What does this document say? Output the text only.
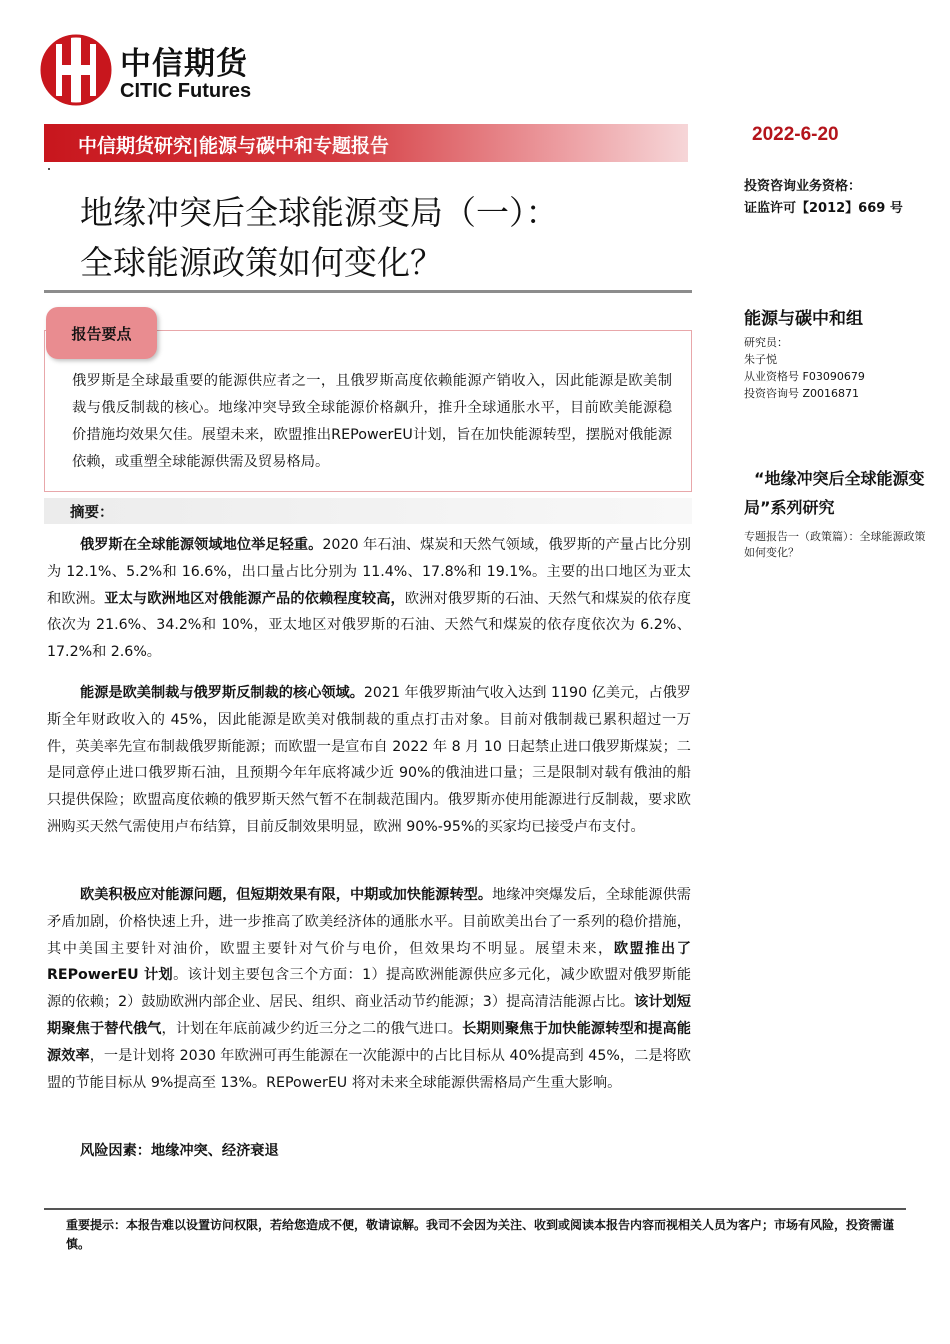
中信期货
CITIC Futures
中信期货研究|能源与碳中和专题报告
2022-6-20
地缘冲突后全球能源变局（一）：
全球能源政策如何变化？
投资咨询业务资格：
证监许可【2012】669 号
能源与碳中和组
研究员：
朱子悦
从业资格号 F03090679
投资咨询号 Z0016871
“地缘冲突后全球能源变局”系列研究
专题报告一（政策篇）：全球能源政策如何变化？
报告要点
俄罗斯是全球最重要的能源供应者之一，且俄罗斯高度依赖能源产销收入，因此能源是欧美制裁与俄反制裁的核心。地缘冲突导致全球能源价格飙升，推升全球通胀水平，目前欧美能源稳价措施均效果欠佳。展望未来，欧盟推出REPowerEU计划，旨在加快能源转型，摆脱对俄能源依赖，或重塑全球能源供需及贸易格局。
摘要：
俄罗斯在全球能源领域地位举足轻重。2020 年石油、煤炭和天然气领域，俄罗斯的产量占比分别为 12.1%、5.2%和 16.6%，出口量占比分别为 11.4%、17.8%和 19.1%。主要的出口地区为亚太和欧洲。亚太与欧洲地区对俄能源产品的依赖程度较高，欧洲对俄罗斯的石油、天然气和煤炭的依存度依次为 21.6%、34.2%和 10%，亚太地区对俄罗斯的石油、天然气和煤炭的依存度依次为 6.2%、17.2%和 2.6%。
能源是欧美制裁与俄罗斯反制裁的核心领域。2021 年俄罗斯油气收入达到 1190 亿美元，占俄罗斯全年财政收入的 45%，因此能源是欧美对俄制裁的重点打击对象。目前对俄制裁已累积超过一万件，英美率先宣布制裁俄罗斯能源；而欧盟一是宣布自 2022 年 8 月 10 日起禁止进口俄罗斯煤炭；二是同意停止进口俄罗斯石油，且预期今年年底将减少近 90%的俄油进口量；三是限制对载有俄油的船只提供保险；欧盟高度依赖的俄罗斯天然气暂不在制裁范围内。俄罗斯亦使用能源进行反制裁，要求欧洲购买天然气需使用卢布结算，目前反制效果明显，欧洲 90%-95%的买家均已接受卢布支付。
欧美积极应对能源问题，但短期效果有限，中期或加快能源转型。地缘冲突爆发后，全球能源供需矛盾加剧，价格快速上升，进一步推高了欧美经济体的通胀水平。目前欧美出台了一系列的稳价措施，其中美国主要针对油价，欧盟主要针对气价与电价，但效果均不明显。展望未来，欧盟推出了 REPowerEU 计划。该计划主要包含三个方面：1）提高欧洲能源供应多元化，减少欧盟对俄罗斯能源的依赖；2）鼓励欧洲内部企业、居民、组织、商业活动节约能源；3）提高清洁能源占比。该计划短期聚焦于替代俄气，计划在年底前减少约近三分之二的俄气进口。长期则聚焦于加快能源转型和提高能源效率，一是计划将 2030 年欧洲可再生能源在一次能源中的占比目标从 40%提高到 45%，二是将欧盟的节能目标从 9%提高至 13%。REPowerEU 将对未来全球能源供需格局产生重大影响。
风险因素：地缘冲突、经济衰退
重要提示：本报告难以设置访问权限，若给您造成不便，敬请谅解。我司不会因为关注、收到或阅读本报告内容而视相关人员为客户；市场有风险，投资需谨慎。
